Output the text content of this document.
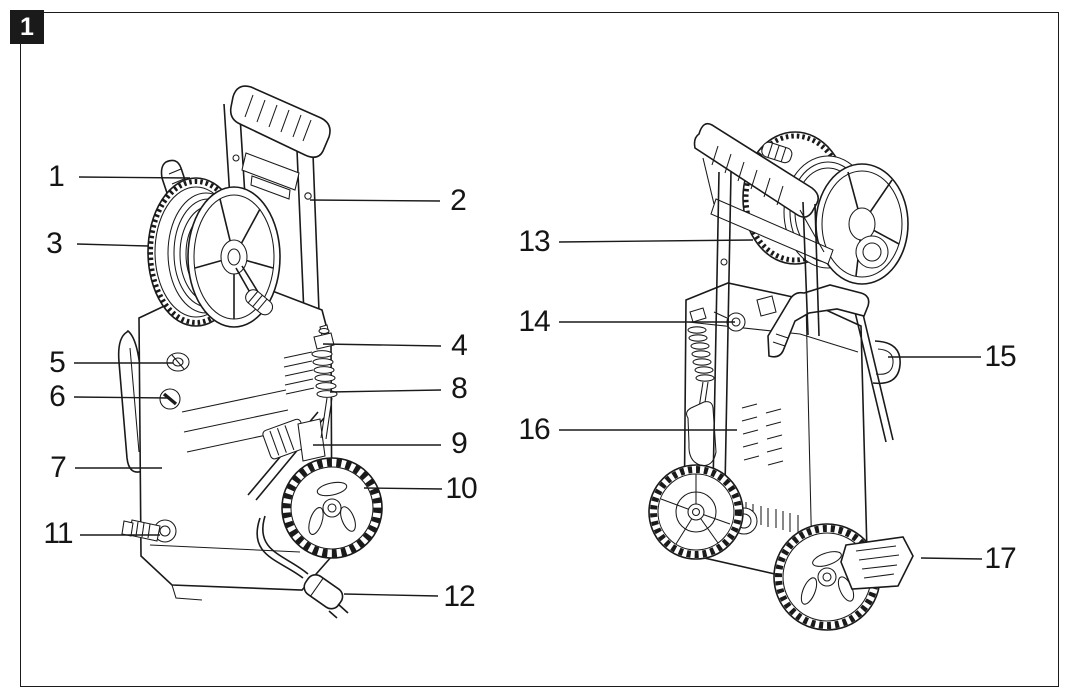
1
1
2
3
4
5
6
7
8
9
10
11
12
13
14
15
16
17
